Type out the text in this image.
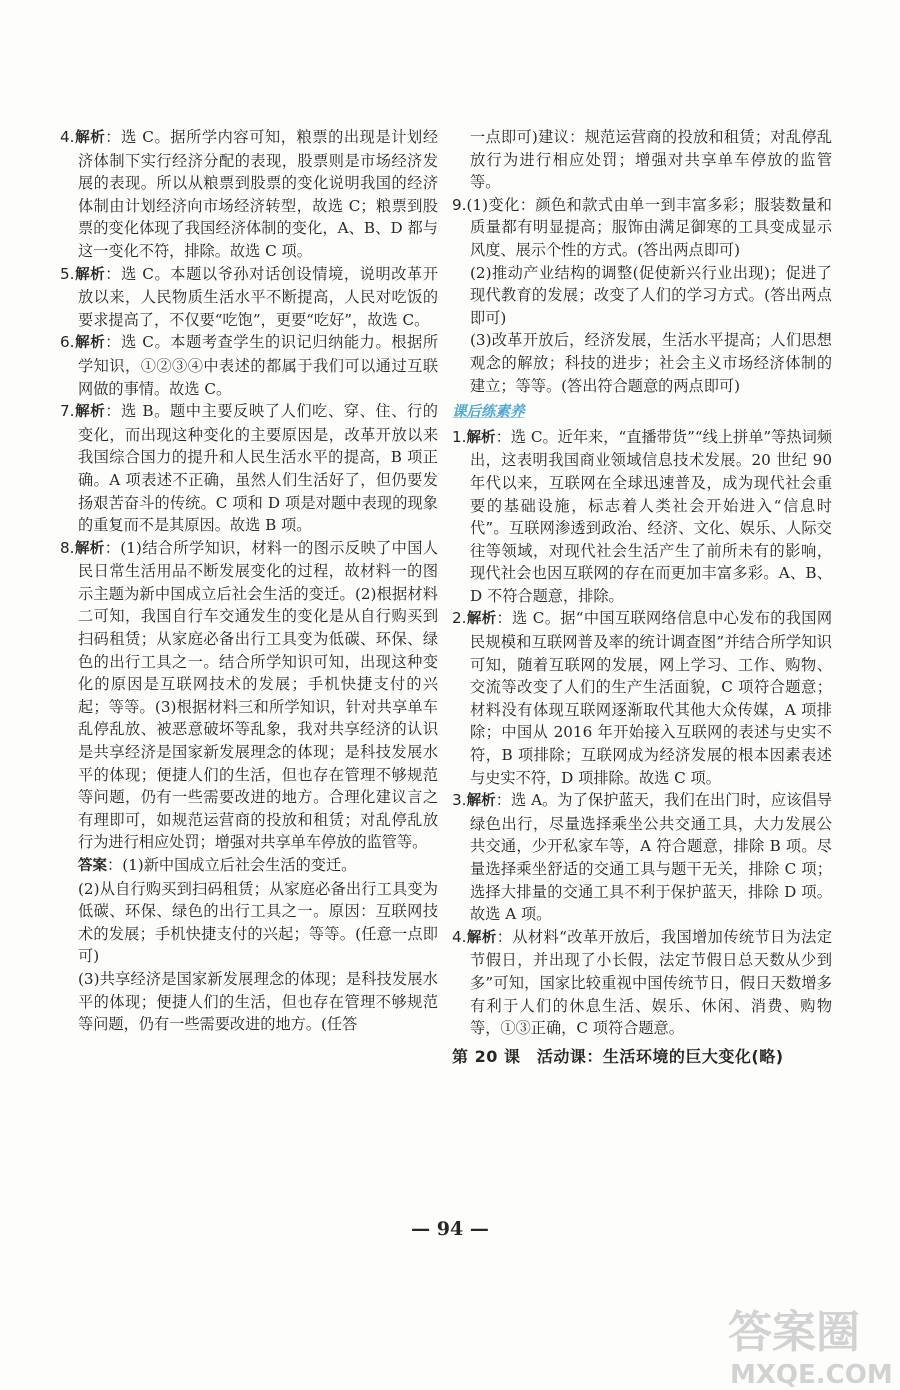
4.解析：选 C。据所学内容可知，粮票的出现是计划经济体制下实行经济分配的表现，股票则是市场经济发展的表现。所以从粮票到股票的变化说明我国的经济体制由计划经济向市场经济转型，故选 C；粮票到股票的变化体现了我国经济体制的变化，A、B、D 都与这一变化不符，排除。故选 C 项。

5.解析：选 C。本题以爷孙对话创设情境，说明改革开放以来，人民物质生活水平不断提高，人民对吃饭的要求提高了，不仅要“吃饱”，更要“吃好”，故选 C。

6.解析：选 C。本题考查学生的识记归纳能力。根据所学知识，①②③④中表述的都属于我们可以通过互联网做的事情。故选 C。

7.解析：选 B。题中主要反映了人们吃、穿、住、行的变化，而出现这种变化的主要原因是，改革开放以来我国综合国力的提升和人民生活水平的提高，B 项正确。A 项表述不正确，虽然人们生活好了，但仍要发扬艰苦奋斗的传统。C 项和 D 项是对题中表现的现象的重复而不是其原因。故选 B 项。

8.解析：(1)结合所学知识，材料一的图示反映了中国人民日常生活用品不断发展变化的过程，故材料一的图示主题为新中国成立后社会生活的变迁。(2)根据材料二可知，我国自行车交通发生的变化是从自行购买到扫码租赁；从家庭必备出行工具变为低碳、环保、绿色的出行工具之一。结合所学知识可知，出现这种变化的原因是互联网技术的发展；手机快捷支付的兴起；等等。(3)根据材料三和所学知识，针对共享单车乱停乱放、被恶意破坏等乱象，我对共享经济的认识是共享经济是国家新发展理念的体现；是科技发展水平的体现；便捷人们的生活，但也存在管理不够规范等问题，仍有一些需要改进的地方。合理化建议言之有理即可，如规范运营商的投放和租赁；对乱停乱放行为进行相应处罚；增强对共享单车停放的监管等。

答案：(1)新中国成立后社会生活的变迁。

(2)从自行购买到扫码租赁；从家庭必备出行工具变为低碳、环保、绿色的出行工具之一。原因：互联网技术的发展；手机快捷支付的兴起；等等。(任意一点即可)

(3)共享经济是国家新发展理念的体现；是科技发展水平的体现；便捷人们的生活，但也存在管理不够规范等问题，仍有一些需要改进的地方。(任答

一点即可)建议：规范运营商的投放和租赁；对乱停乱放行为进行相应处罚；增强对共享单车停放的监管等。

9.(1)变化：颜色和款式由单一到丰富多彩；服装数量和质量都有明显提高；服饰由满足御寒的工具变成显示风度、展示个性的方式。(答出两点即可)

(2)推动产业结构的调整(促使新兴行业出现)；促进了现代教育的发展；改变了人们的学习方式。(答出两点即可)

(3)改革开放后，经济发展，生活水平提高；人们思想观念的解放；科技的进步；社会主义市场经济体制的建立；等等。(答出符合题意的两点即可)

课后练素养

1.解析：选 C。近年来，“直播带货”“线上拼单”等热词频出，这表明我国商业领域信息技术发展。20 世纪 90 年代以来，互联网在全球迅速普及，成为现代社会重要的基础设施，标志着人类社会开始进入“信息时代”。互联网渗透到政治、经济、文化、娱乐、人际交往等领域，对现代社会生活产生了前所未有的影响，现代社会也因互联网的存在而更加丰富多彩。A、B、D 不符合题意，排除。

2.解析：选 C。据“中国互联网络信息中心发布的我国网民规模和互联网普及率的统计调查图”并结合所学知识可知，随着互联网的发展，网上学习、工作、购物、交流等改变了人们的生产生活面貌，C 项符合题意；材料没有体现互联网逐渐取代其他大众传媒，A 项排除；中国从 2016 年开始接入互联网的表述与史实不符，B 项排除；互联网成为经济发展的根本因素表述与史实不符，D 项排除。故选 C 项。

3.解析：选 A。为了保护蓝天，我们在出门时，应该倡导绿色出行，尽量选择乘坐公共交通工具，大力发展公共交通，少开私家车等，A 符合题意，排除 B 项。尽量选择乘坐舒适的交通工具与题干无关，排除 C 项；选择大排量的交通工具不利于保护蓝天，排除 D 项。故选 A 项。

4.解析：从材料“改革开放后，我国增加传统节日为法定节假日，并出现了小长假，法定节假日总天数从少到多”可知，国家比较重视中国传统节日，假日天数增多有利于人们的休息生活、娱乐、休闲、消费、购物等，①③正确，C 项符合题意。

第 20 课　活动课：生活环境的巨大变化(略)

— 94 —
答案圈
MXQE.COM
